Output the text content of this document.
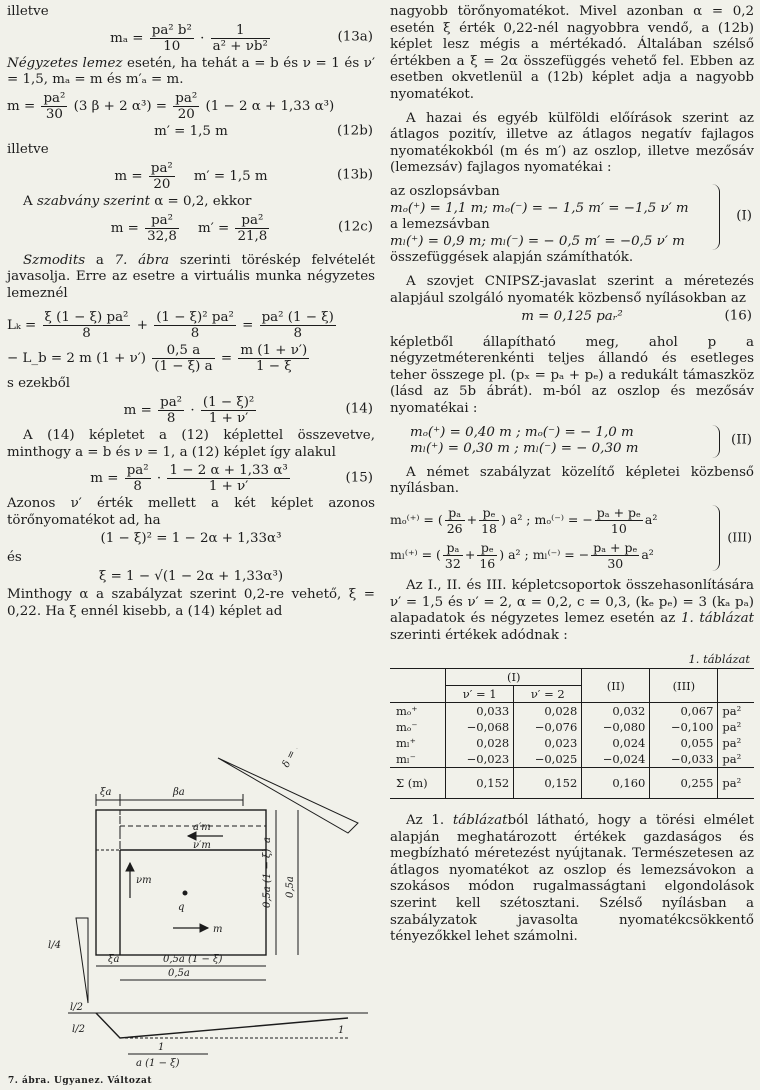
illetve

$m_a = \frac{\text{pa² b²}}{10} \cdot \frac{1}{\text{a² + νb²}}$	(13a)

Négyzetes lemez esetén, ha tehát a = b és ν = 1 és ν′ = 1,5, mₐ = m és m′ₐ = m.

$m = \frac{\text{pa²}}{30} (3$ β + 2 $\alpha^3) = \frac{\text{pa²}}{20} (1 - 2$ α + 1,33 α³)
m′ = 1,5 m	(12b)

illetve

$m = \frac{\text{pa²}}{20} m' = 1,5$ m	(13b)

A szabvány szerint α = 0,2, ekkor

$m = \frac{\text{pa²}}{32,8} m' = \frac{\text{pa²}}{21,8}$	(12c)

Szmodits a 7. ábra szerinti töréskép felvételét javasolja. Erre az esetre a virtuális munka négyzetes lemeznél

$L_k = \frac{\text{ξ (1 − ξ) pa²}}{8} + \frac{\text{(1 − ξ)² pa²}}{8} = \frac{\text{pa² (1 − ξ)}}{8}$
− L_b = 2 m $(1 + \nu') \frac{0,5 a}{(1 - \xi) a} = \frac{m (1 + \nu')}{1 - \xi}$

s ezekből

$m = \frac{\text{pa²}}{8} \cdot \frac{\text{(1 − ξ)²}}{1 + \nu'}$	(14)

A (14) képletet a (12) képlettel összevetve, minthogy a = b és ν = 1, a (12) képlet így alakul

$m = \frac{\text{pa²}}{8} \cdot \frac{\text{1 − 2 α + 1,33 α³}}{1 + \nu'}$	(15)

Azonos ν′ érték mellett a két képlet azonos törőnyomatékot ad, ha

(1 − ξ)² = 1 − 2α + 1,33α³

és

ξ = 1 − √(1 − 2α + 1,33α³)

Minthogy α a szabályzat szerint 0,2-re vehető, ξ = 0,22. Ha ξ ennél kisebb, a (14) képlet ad

ξa	βa
m
νm
a′m
ν′m
q	0,5a (1 − ξ) 0,5a
a
ξa	0,5a (1 − ξ)
0,5a
l/4
l/2
δ = 1/2
l/2	1
1
a (1 − ξ)
7. ábra. Ugyanez. Változat

nagyobb törőnyomatékot. Mivel azonban α = 0,2 esetén ξ érték 0,22-nél nagyobbra vendő, a (12b) képlet lesz mégis a mértékadó. Általában szélső értékben a ξ = 2α összefüggés vehető fel. Ebben az esetben okvetlenül a (12b) képlet adja a nagyobb nyomatékot.

A hazai és egyéb külföldi előírások szerint az átlagos pozitív, illetve az átlagos negatív fajlagos nyomatékokból (m és m′) az oszlop, illetve mezősáv (lemezsáv) fajlagos nyomatékai :

az oszlopsávban
mₒ(⁺) = 1,1 m; mₒ(⁻) = − 1,5 m′ = −1,5 ν′ m
a lemezsávban
mₗ(⁺) = 0,9 m; mₗ(⁻) = − 0,5 m′ = −0,5 ν′ m
(I)

összefüggések alapján számíthatók.

A szovjet CNIPSZ-javaslat szerint a méretezés alapjául szolgáló nyomaték közbenső nyílásokban az

m = 0,125 paᵣ²	(16)

képletből állapítható meg, ahol p a négyzetméterenkénti teljes állandó és esetleges teher összege pl. (pₓ = pₐ + pₑ) a redukált támaszköz (lásd az 5b ábrát). m-ból az oszlop és mezősáv nyomatékai :

mₒ(⁺) = 0,40 m ; mₒ(⁻) = − 1,0 m
mₗ(⁺) = 0,30 m ; mₗ(⁻) = − 0,30 m
(II)

A német szabályzat közelítő képletei közbenső nyílásban.

mₒ⁽⁺⁾ = ( $\frac{\text{pₐ}}{26} + \frac{\text{pₑ}}{18}$ ) a² ; mₒ⁽⁻⁾ = − $\frac{\text{pₐ + pₑ}}{10} a^2$
mₗ⁽⁺⁾ = ( $\frac{\text{pₐ}}{32} + \frac{\text{pₑ}}{16}$ ) a² ; mₗ⁽⁻⁾ = − $\frac{\text{pₐ + pₑ}}{30} a^2$
(III)

Az I., II. és III. képletcsoportok összehasonlítására ν′ = 1,5 és ν′ = 2, α = 0,2, c = 0,3, (kₑ pₑ) = 3 (kₐ pₐ) alapadatok és négyzetes lemez esetén az 1. táblázat szerinti értékek adódnak :

1. táblázat
	(I)		(II)	(III)	
	ν′ = 1	ν′ = 2			
mₒ⁺	0,033	0,028	0,032	0,067	pa²
mₒ⁻	−0,068	−0,076	−0,080	−0,100	pa²
mₗ⁺	0,028	0,023	0,024	0,055	pa²
mₗ⁻	−0,023	−0,025	−0,024	−0,033	pa²
Σ (m)	0,152	0,152	0,160	0,255	pa²

Az 1. táblázatból látható, hogy a törési elmélet alapján meghatározott értékek gazdaságos és megbízható méretezést nyújtanak. Természetesen az átlagos nyomatékot az oszlop és lemezsávokon a szokásos módon rugalmasságtani elgondolások szerint kell szétosztani. Szélső nyílásban a szabályzatok javasolta nyomatékcsökkentő tényezőkkel lehet számolni.
